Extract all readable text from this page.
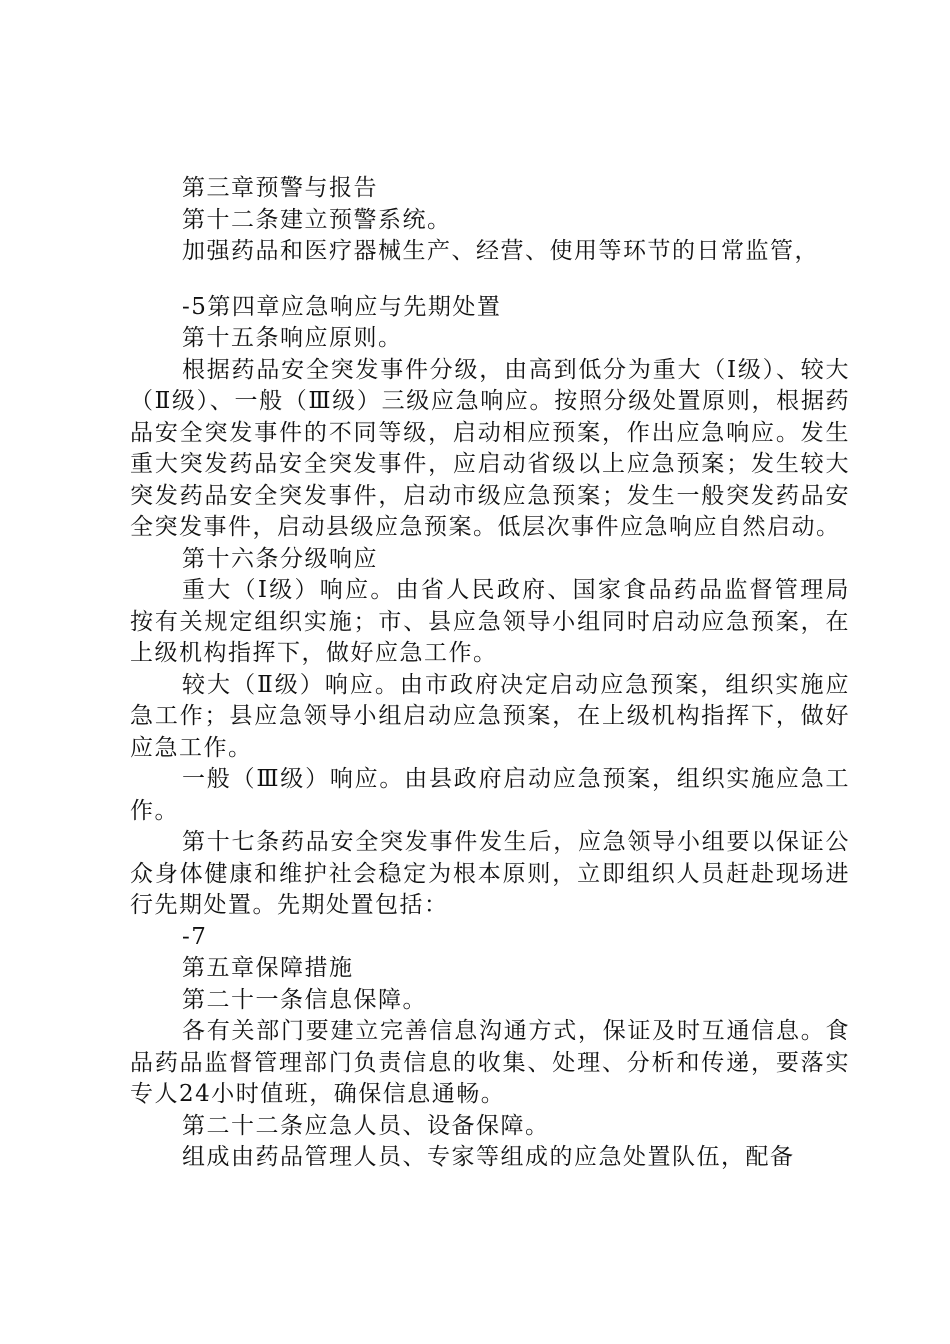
第三章预警与报告

第十二条建立预警系统。

加强药品和医疗器械生产、经营、使用等环节的日常监管，

-5第四章应急响应与先期处置

第十五条响应原则。

根据药品安全突发事件分级，由高到低分为重大（Ⅰ级）、较大（Ⅱ级）、一般（Ⅲ级）三级应急响应。按照分级处置原则，根据药品安全突发事件的不同等级，启动相应预案，作出应急响应。发生重大突发药品安全突发事件，应启动省级以上应急预案；发生较大突发药品安全突发事件，启动市级应急预案；发生一般突发药品安全突发事件，启动县级应急预案。低层次事件应急响应自然启动。

第十六条分级响应

重大（Ⅰ级）响应。由省人民政府、国家食品药品监督管理局按有关规定组织实施；市、县应急领导小组同时启动应急预案，在上级机构指挥下，做好应急工作。

较大（Ⅱ级）响应。由市政府决定启动应急预案，组织实施应急工作；县应急领导小组启动应急预案，在上级机构指挥下，做好应急工作。

一般（Ⅲ级）响应。由县政府启动应急预案，组织实施应急工作。

第十七条药品安全突发事件发生后，应急领导小组要以保证公众身体健康和维护社会稳定为根本原则，立即组织人员赶赴现场进行先期处置。先期处置包括：

-7

第五章保障措施

第二十一条信息保障。

各有关部门要建立完善信息沟通方式，保证及时互通信息。食品药品监督管理部门负责信息的收集、处理、分析和传递，要落实专人24小时值班，确保信息通畅。

第二十二条应急人员、设备保障。

组成由药品管理人员、专家等组成的应急处置队伍，配备
